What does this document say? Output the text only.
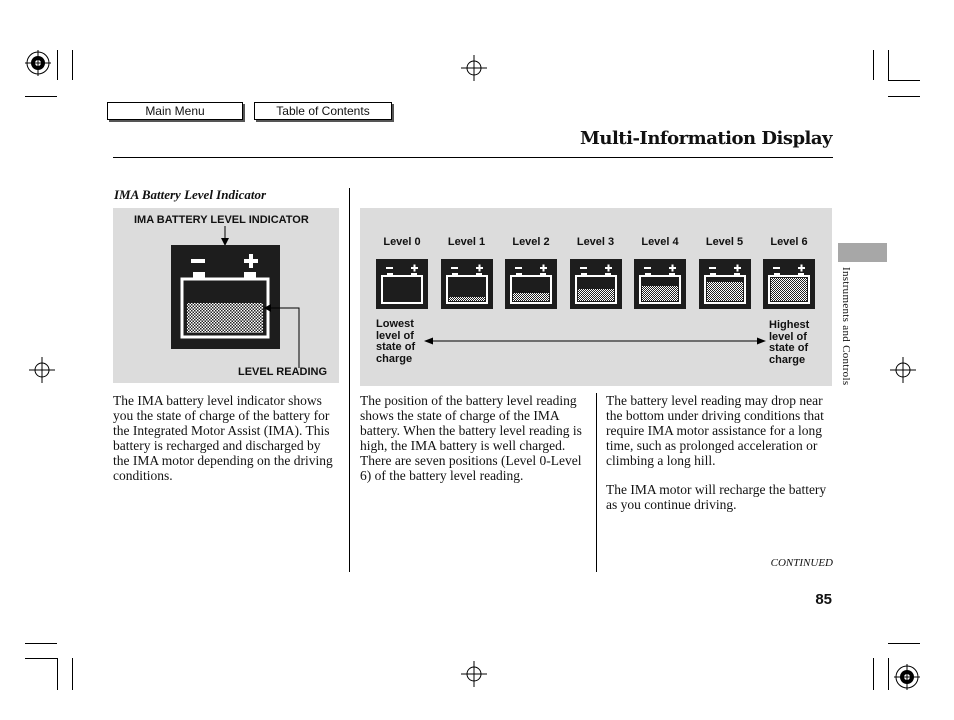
Main Menu	Table of Contents
Multi-Information Display
IMA Battery Level Indicator
IMA BATTERY LEVEL INDICATOR
LEVEL READING
Level 0	Level 1	Level 2	Level 3	Level 4	Level 5	Level 6
Lowest
level of
state of
charge
Highest
level of
state of
charge

The IMA battery level indicator shows you the state of charge of the battery for the Integrated Motor Assist (IMA). This battery is recharged and discharged by the IMA motor depending on the driving conditions.

The position of the battery level reading shows the state of charge of the IMA battery. When the battery level reading is high, the IMA battery is well charged. There are seven positions (Level 0-Level 6) of the battery level reading.

The battery level reading may drop near the bottom under driving conditions that require IMA motor assistance for a long time, such as prolonged acceleration or climbing a long hill.

The IMA motor will recharge the battery as you continue driving.

Instruments and Controls
CONTINUED
85
